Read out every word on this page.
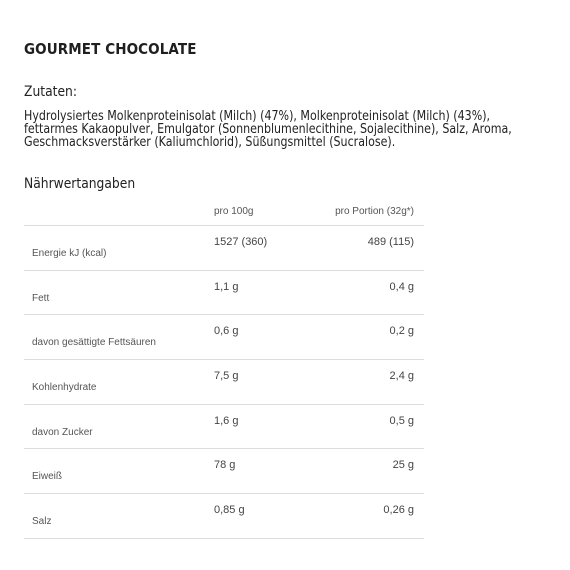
GOURMET CHOCOLATE
Zutaten:
Hydrolysiertes Molkenproteinisolat (Milch) (47%), Molkenproteinisolat (Milch) (43%),
fettarmes Kakaopulver, Emulgator (Sonnenblumenlecithine, Sojalecithine), Salz, Aroma,
Geschmacksverstärker (Kaliumchlorid), Süßungsmittel (Sucralose).
Nährwertangaben
pro 100g	pro Portion (32g*)
Energie kJ (kcal)
1527 (360)	489 (115)
Fett
1,1 g	0,4 g
davon gesättigte Fettsäuren
0,6 g	0,2 g
Kohlenhydrate
7,5 g	2,4 g
davon Zucker
1,6 g	0,5 g
Eiweiß
78 g	25 g
Salz
0,85 g	0,26 g
